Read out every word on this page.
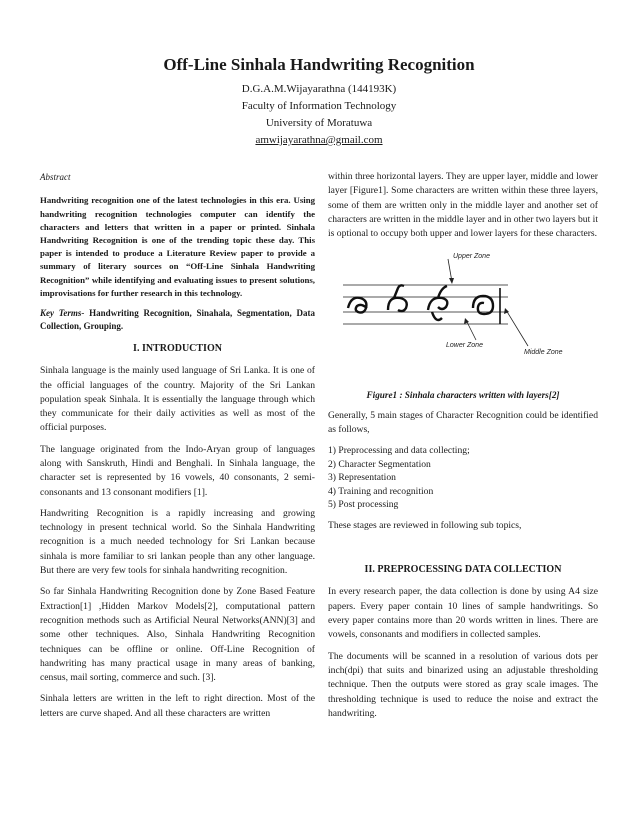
Off-Line Sinhala Handwriting Recognition
D.G.A.M.Wijayarathna (144193K)
Faculty of Information Technology
University of Moratuwa
amwijayarathna@gmail.com

Abstract

Handwriting recognition one of the latest technologies in this era. Using handwriting recognition technologies computer can identify the characters and letters that written in a paper or printed. Sinhala Handwriting Recognition is one of the trending topic these day. This paper is intended to produce a Literature Review paper to provide a summary of literary sources on “Off-Line Sinhala Handwriting Recognition” while identifying and evaluating issues to present solutions, improvisations for further research in this technology.

Key Terms- Handwriting Recognition, Sinahala, Segmentation, Data Collection, Grouping.

I. INTRODUCTION

Sinhala language is the mainly used language of Sri Lanka. It is one of the official languages of the country. Majority of the Sri Lankan population speak Sinhala. It is essentially the language through which they communicate for their daily activities as well as most of the official purposes.

The language originated from the Indo-Aryan group of languages along with Sanskruth, Hindi and Benghali. In Sinhala language, the character set is represented by 16 vowels, 40 consonants, 2 semi-consonants and 13 consonant modifiers [1].

Handwriting Recognition is a rapidly increasing and growing technology in present technical world. So the Sinhala Handwriting recognition is a much needed technology for Sri Lankan because sinhala is more familiar to sri lankan people than any other language. But there are very few tools for sinhala handwriting recognition.

So far Sinhala Handwriting Recognition done by Zone Based Feature Extraction[1] ,Hidden Markov Models[2], computational pattern recognition methods such as Artificial Neural Networks(ANN)[3] and some other techniques. Also, Sinhala Handwriting Recognition techniques can be offline or online. Off-Line Recognition of handwriting has many practical usage in many areas of banking, census, mail sorting, commerce and such. [3].

Sinhala letters are written in the left to right direction. Most of the letters are curve shaped. And all these characters are written

within three horizontal layers. They are upper layer, middle and lower layer [Figure1]. Some characters are written within these three layers, some of them are written only in the middle layer and another set of characters are written in the middle layer and in other two layers but it is optional to occupy both upper and lower layers for these characters.

Upper Zone
Lower Zone
Middle Zone

Figure1 : Sinhala characters written with layers[2]

Generally, 5 main stages of Character Recognition could be identified as follows,

1) Preprocessing and data collecting;
2) Character Segmentation
3) Representation
4) Training and recognition
5) Post processing

These stages are reviewed in following sub topics,

II. PREPROCESSING DATA COLLECTION

In every research paper, the data collection is done by using A4 size papers. Every paper contain 10 lines of sample handwritings. So every paper contains more than 20 words written in lines. There are vowels, consonants and modifiers in collected samples.

The documents will be scanned in a resolution of various dots per inch(dpi) that suits and binarized using an adjustable thresholding technique. Then the outputs were stored as gray scale images. The thresholding technique is used to reduce the noise and extract the handwriting.
